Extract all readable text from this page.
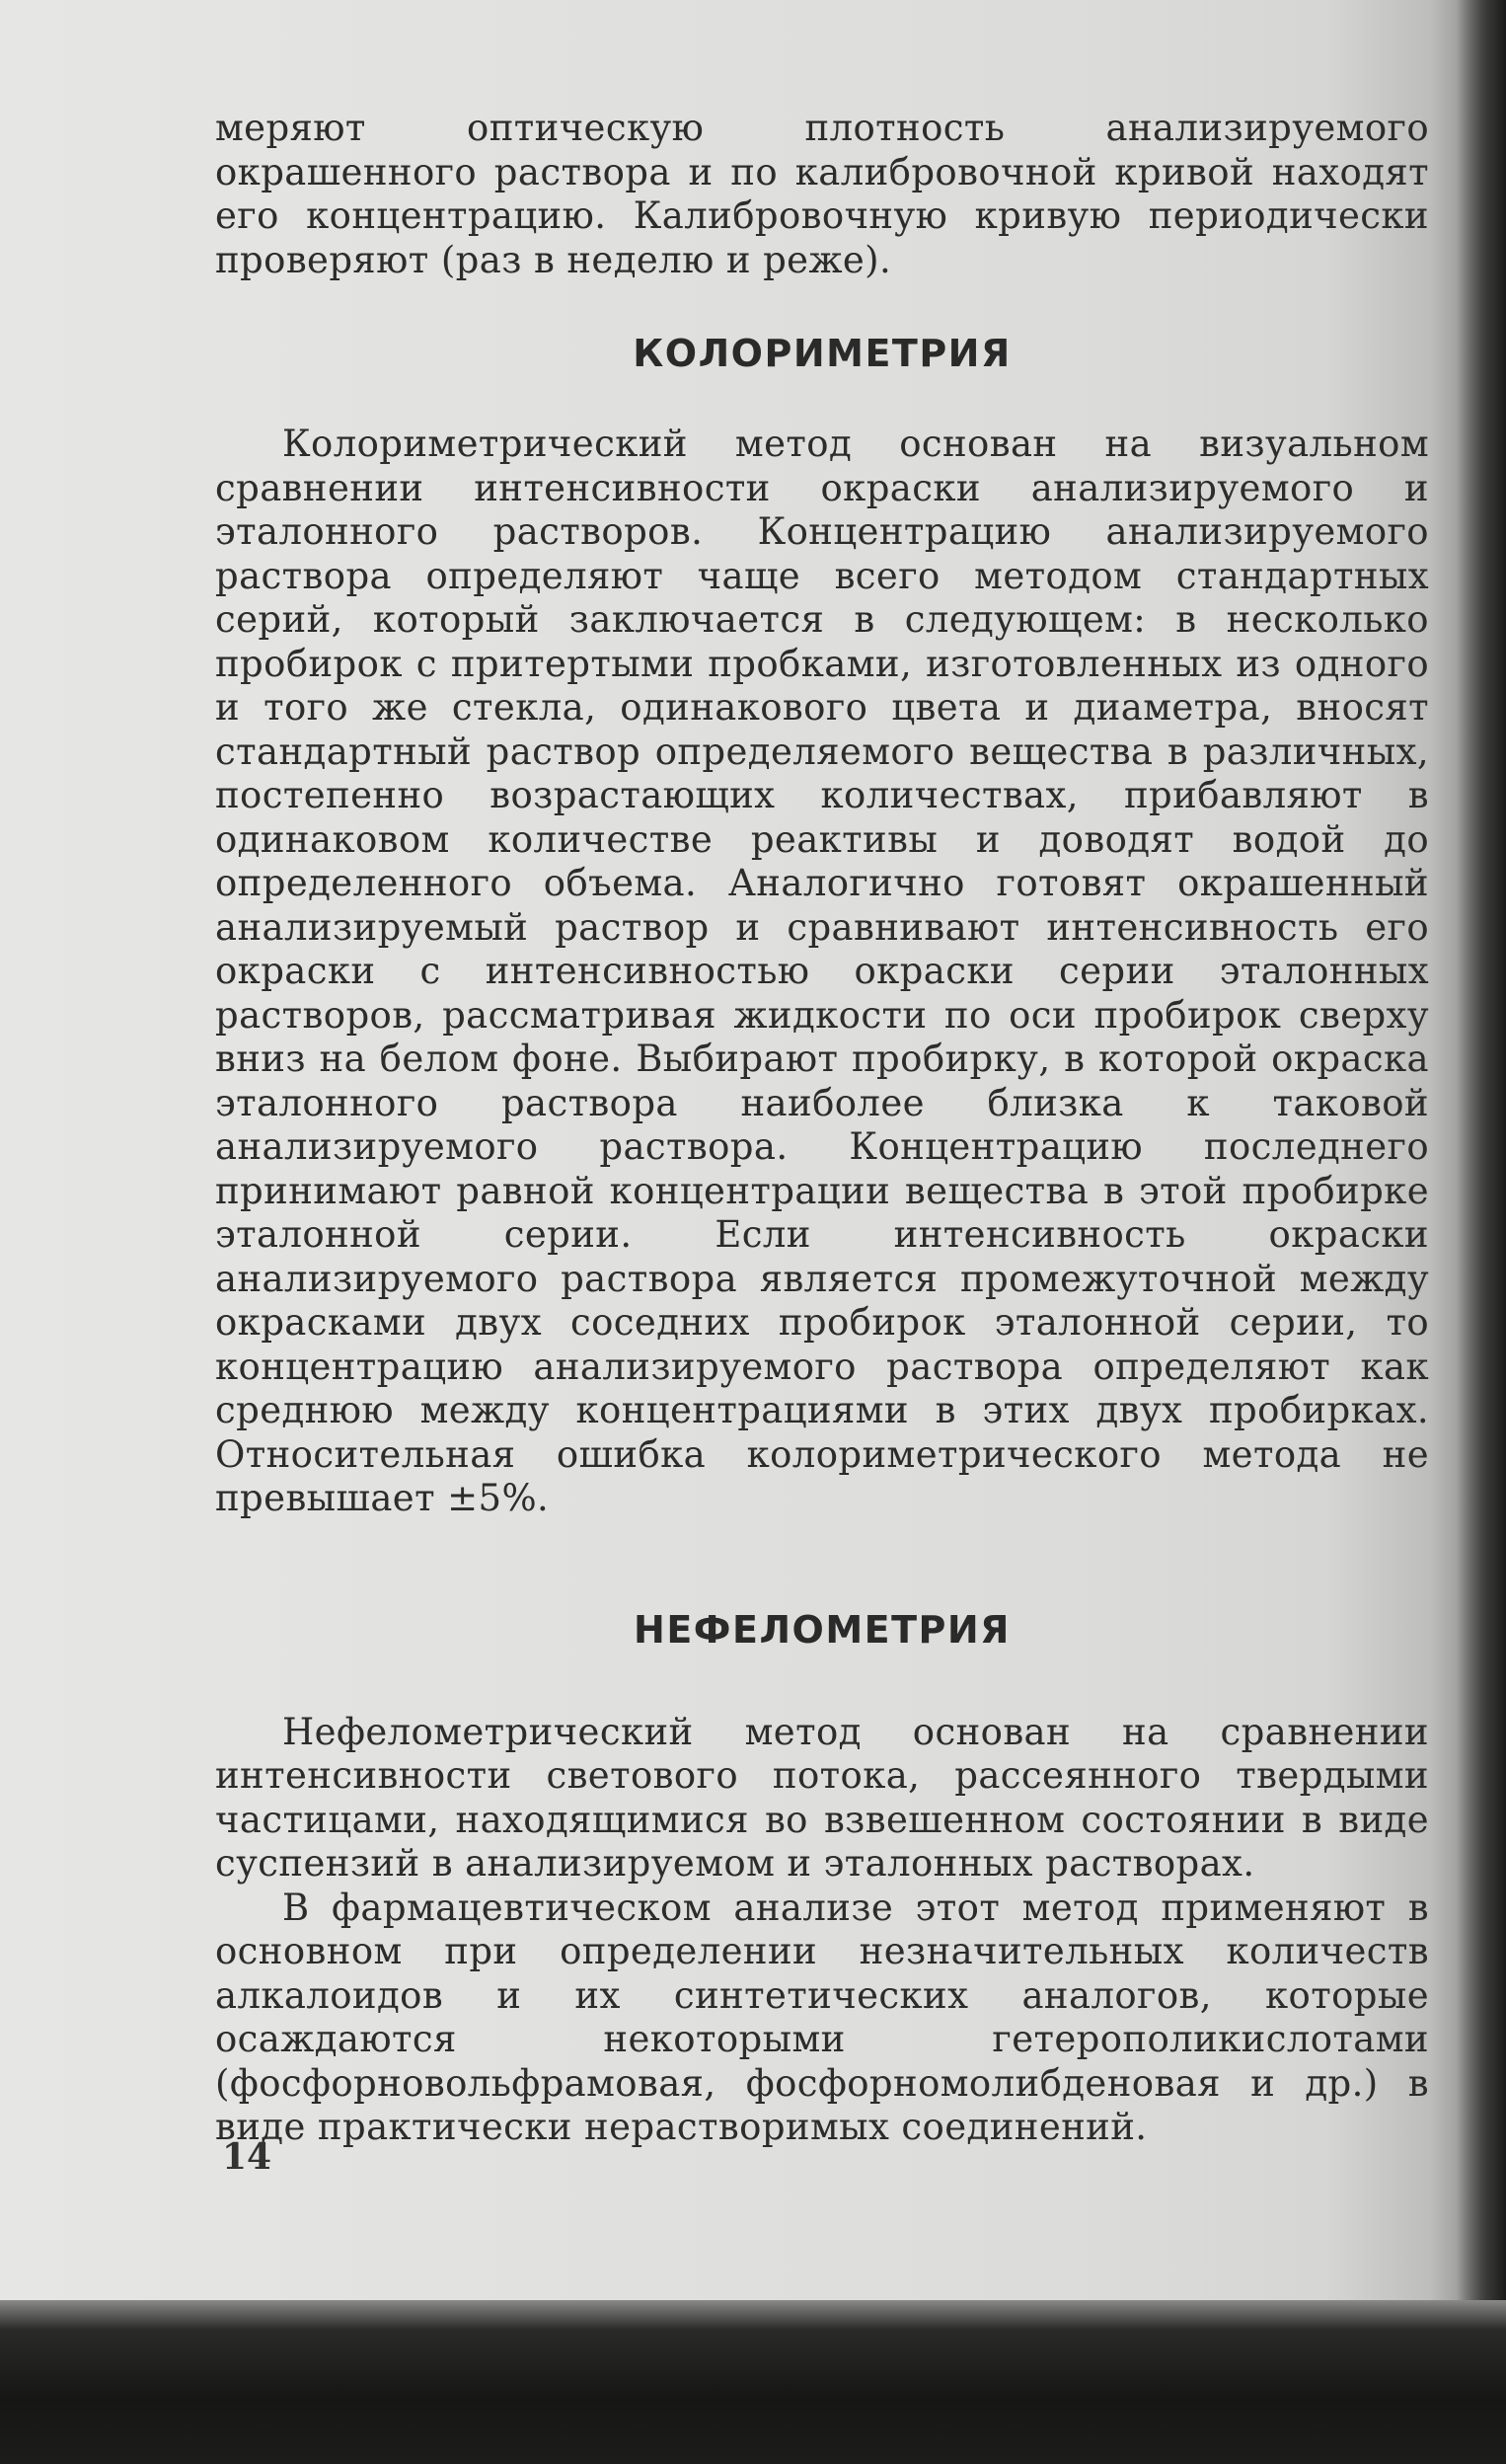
меряют оптическую плотность анализируемого окрашенного раствора и по калибровочной кривой находят его концентрацию. Калибровочную кривую периодически проверяют (раз в неделю и реже).

КОЛОРИМЕТРИЯ

Колориметрический метод основан на визуальном сравнении интенсивности окраски анализируемого и эталонного растворов. Концентрацию анализируемого раствора определяют чаще всего методом стандартных серий, который заключается в следующем: в несколько пробирок с притертыми пробками, изготовленных из одного и того же стекла, одинакового цвета и диаметра, вносят стандартный раствор определяемого вещества в различных, постепенно возрастающих количествах, прибавляют в одинаковом количестве реактивы и доводят водой до определенного объема. Аналогично готовят окрашенный анализируемый раствор и сравнивают интенсивность его окраски с интенсивностью окраски серии эталонных растворов, рассматривая жидкости по оси пробирок сверху вниз на белом фоне. Выбирают пробирку, в которой окраска эталонного раствора наиболее близка к таковой анализируемого раствора. Концентрацию последнего принимают равной концентрации вещества в этой пробирке эталонной серии. Если интенсивность окраски анализируемого раствора является промежуточной между окрасками двух соседних пробирок эталонной серии, то концентрацию анализируемого раствора определяют как среднюю между концентрациями в этих двух пробирках. Относительная ошибка колориметрического метода не превышает ±5%.

НЕФЕЛОМЕТРИЯ

Нефелометрический метод основан на сравнении интенсивности светового потока, рассеянного твердыми частицами, находящимися во взвешенном состоянии в виде суспензий в анализируемом и эталонных растворах.

В фармацевтическом анализе этот метод применяют в основном при определении незначительных количеств алкалоидов и их синтетических аналогов, которые осаждаются некоторыми гетерополикислотами (фосфорновольфрамовая, фосфорномолибденовая и др.) в виде практически нерастворимых соединений.

14
